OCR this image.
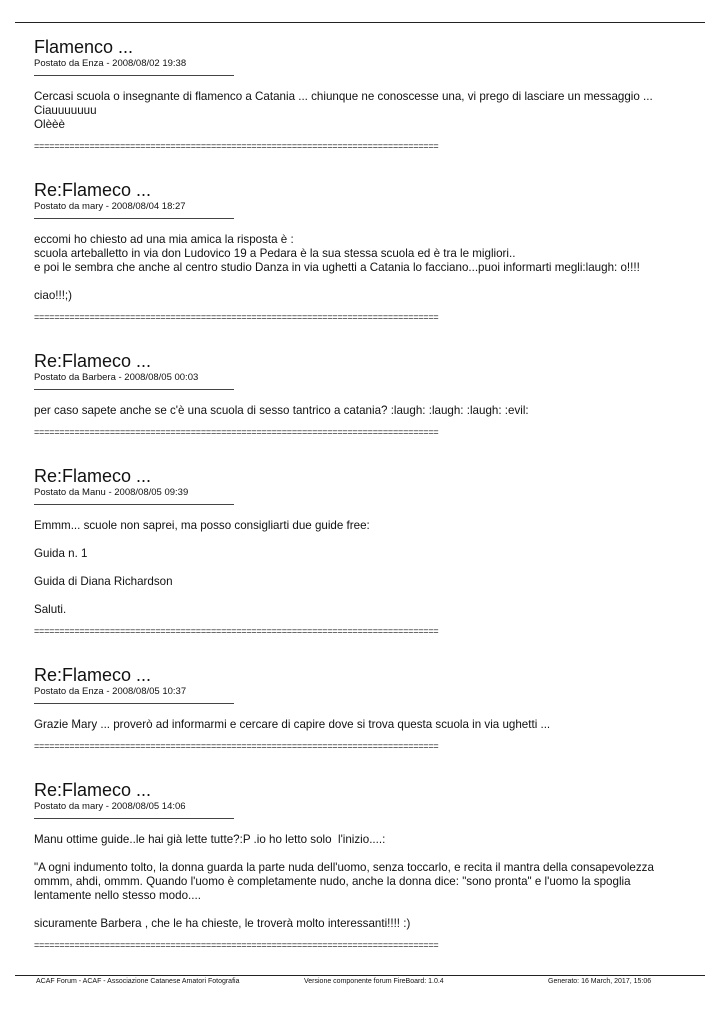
Flamenco ...
Postato da Enza - 2008/08/02 19:38

Cercasi scuola o insegnante di flamenco a Catania ... chiunque ne conoscesse una, vi prego di lasciare un messaggio ...
Ciauuuuuuu
Olèèè

================================================================================
Re:Flameco ...
Postato da mary - 2008/08/04 18:27

eccomi ho chiesto ad una mia amica la risposta è :
scuola arteballetto in via don Ludovico 19 a Pedara è la sua stessa scuola ed è tra le migliori..
e poi le sembra che anche al centro studio Danza in via ughetti a Catania lo facciano...puoi informarti megli:laugh: o!!!!

ciao!!!;)

================================================================================
Re:Flameco ...
Postato da Barbera - 2008/08/05 00:03

per caso sapete anche se c'è una scuola di sesso tantrico a catania? :laugh: :laugh: :laugh: :evil:

================================================================================
Re:Flameco ...
Postato da Manu - 2008/08/05 09:39

Emmm... scuole non saprei, ma posso consigliarti due guide free:

Guida n. 1

Guida di Diana Richardson

Saluti.

================================================================================
Re:Flameco ...
Postato da Enza - 2008/08/05 10:37

Grazie Mary ... proverò ad informarmi e cercare di capire dove si trova questa scuola in via ughetti ...

================================================================================
Re:Flameco ...
Postato da mary - 2008/08/05 14:06

Manu ottime guide..le hai già lette tutte?:P .io ho letto solo  l'inizio....:

"A ogni indumento tolto, la donna guarda la parte nuda dell'uomo, senza toccarlo, e recita il mantra della consapevolezza
ommm, ahdi, ommm. Quando l'uomo è completamente nudo, anche la donna dice: "sono pronta" e l'uomo la spoglia
lentamente nello stesso modo....

sicuramente Barbera , che le ha chieste, le troverà molto interessanti!!!! :)

================================================================================
ACAF Forum - ACAF - Associazione Catanese Amatori Fotografia	Versione componente forum FireBoard: 1.0.4	Generato: 16 March, 2017, 15:06
